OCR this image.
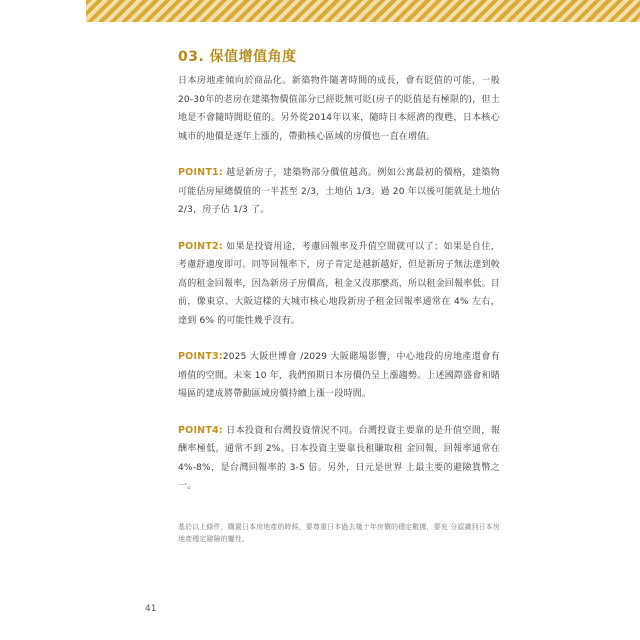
03. 保值增值角度

日本房地產傾向於商品化。新築物件隨著時間的成長，會有貶值的可能，一般20-30年的老房在建築物價值部分已經貶無可貶(房子的貶值是有極限的)，但土地是不會隨時間貶值的。另外從2014年以來，隨時日本經濟的復甦，日本核心城市的地價是逐年上漲的，帶動核心區域的房價也一直在增值。

POINT1: 越是新房子，建築物部分價值越高。例如公寓最初的價格，建築物可能佔房屋總價值的一半甚至 2/3，土地佔 1/3。過 20 年以後可能就是土地佔 2/3，房子佔 1/3 了。

POINT2: 如果是投資用途，考慮回報率及升值空間就可以了；如果是自住，考慮舒適度即可。同等回報率下，房子肯定是越新越好，但是新房子無法達到較高的租金回報率，因為新房子房價高，租金又沒那麼高，所以租金回報率低。目前，像東京、大阪這樣的大城市核心地段新房子租金回報率通常在 4% 左右，達到 6% 的可能性幾乎沒有。

POINT3:2025 大阪世博會 /2029 大阪賭場影響，中心地段的房地產還會有增值的空間。未來 10 年，我們預期日本房價仍呈上漲趨勢。上述國際盛會和賭場區的建成將帶動區域房價持續上漲一段時間。

POINT4: 日本投資和台灣投資情況不同。台灣投資主要靠的是升值空間，報酬率極低，通常不到 2%。日本投資主要靠長租賺取租 金回報，回報率通常在 4%-8%，是台灣回報率的 3-5 倍。另外，日元是世界 上最主要的避險貨幣之一。

基於以上條件，購置日本房地產的時候，要尊重日本過去幾十年房價的穩定數據，要充 分認識到日本房地產穩定避險的屬性。

41
